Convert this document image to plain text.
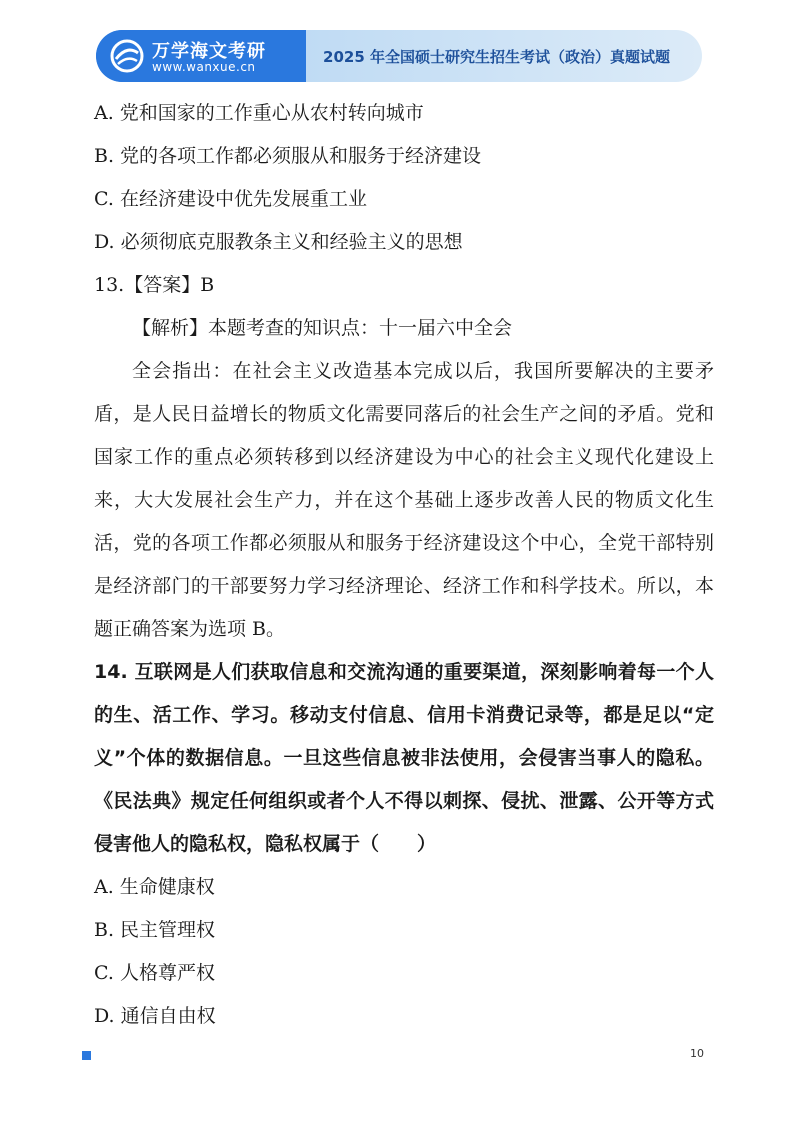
万学海文考研
www.wanxue.cn
2025 年全国硕士研究生招生考试（政治）真题试题
A. 党和国家的工作重心从农村转向城市
B. 党的各项工作都必须服从和服务于经济建设
C. 在经济建设中优先发展重工业
D. 必须彻底克服教条主义和经验主义的思想
13.【答案】B
【解析】本题考查的知识点：十一届六中全会
全会指出：在社会主义改造基本完成以后，我国所要解决的主要矛盾，是人民日益增长的物质文化需要同落后的社会生产之间的矛盾。党和国家工作的重点必须转移到以经济建设为中心的社会主义现代化建设上来，大大发展社会生产力，并在这个基础上逐步改善人民的物质文化生活，党的各项工作都必须服从和服务于经济建设这个中心，全党干部特别是经济部门的干部要努力学习经济理论、经济工作和科学技术。所以，本题正确答案为选项 B。
14. 互联网是人们获取信息和交流沟通的重要渠道，深刻影响着每一个人的生、活工作、学习。移动支付信息、信用卡消费记录等，都是足以“定义”个体的数据信息。一旦这些信息被非法使用，会侵害当事人的隐私。《民法典》规定任何组织或者个人不得以刺探、侵扰、泄露、公开等方式侵害他人的隐私权，隐私权属于（　　）
A. 生命健康权
B. 民主管理权
C. 人格尊严权
D. 通信自由权
10
